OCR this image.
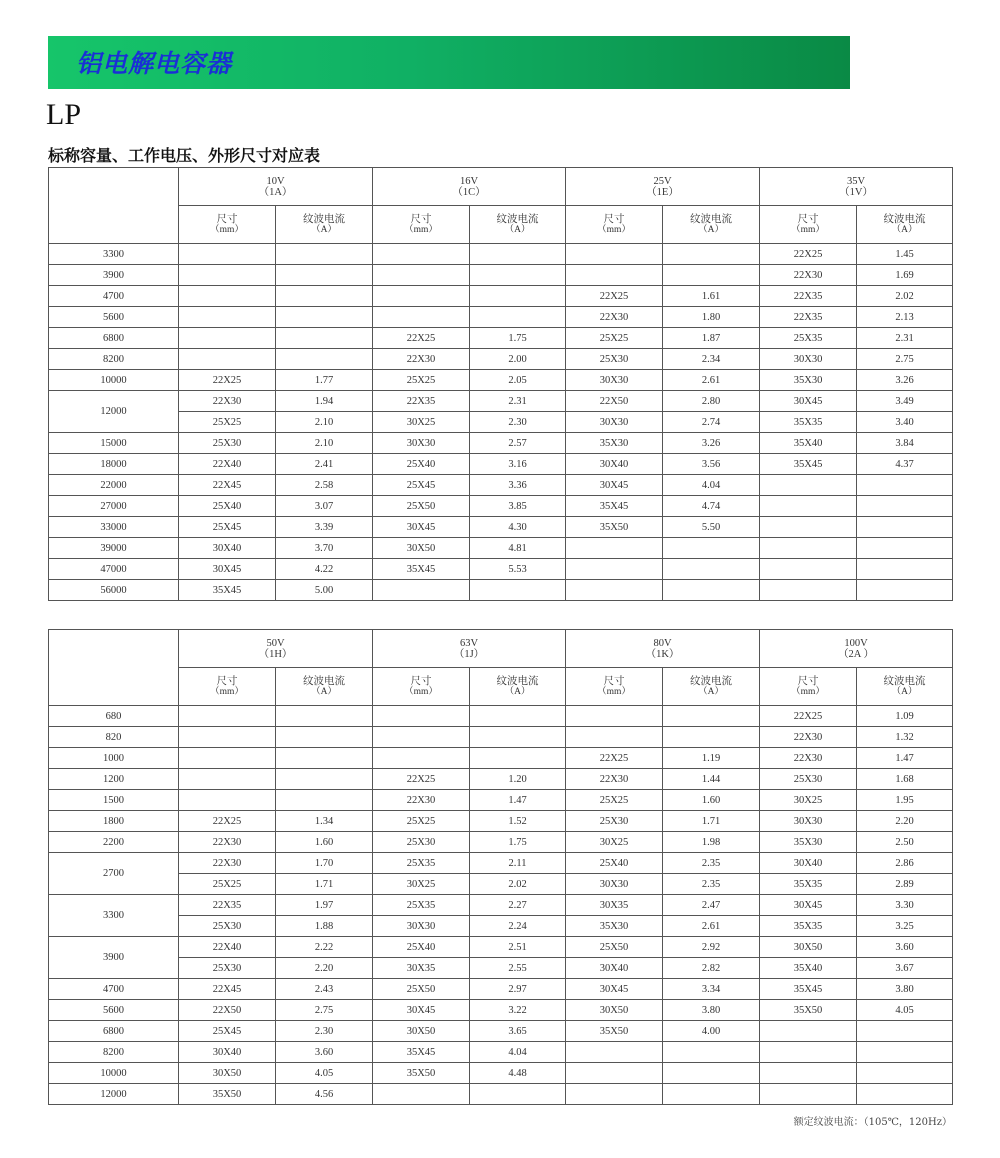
铝电解电容器
LP
标称容量、工作电压、外形尺寸对应表

	10V
（1A）		16V
（1C）		25V
（1E）		35V
（1V）	

	尺寸
（mm）	纹波电流
（A）	尺寸
（mm）	纹波电流
（A）	尺寸
（mm）	纹波电流
（A）	尺寸
（mm）	纹波电流
（A）

3300							22X25	1.45
3900							22X30	1.69
4700					22X25	1.61	22X35	2.02
5600					22X30	1.80	22X35	2.13
6800			22X25	1.75	25X25	1.87	25X35	2.31
8200			22X30	2.00	25X30	2.34	30X30	2.75
10000	22X25	1.77	25X25	2.05	30X30	2.61	35X30	3.26
12000	22X30	1.94	22X35	2.31	22X50	2.80	30X45	3.49
	25X25	2.10	30X25	2.30	30X30	2.74	35X35	3.40
15000	25X30	2.10	30X30	2.57	35X30	3.26	35X40	3.84
18000	22X40	2.41	25X40	3.16	30X40	3.56	35X45	4.37
22000	22X45	2.58	25X45	3.36	30X45	4.04		
27000	25X40	3.07	25X50	3.85	35X45	4.74		
33000	25X45	3.39	30X45	4.30	35X50	5.50		
39000	30X40	3.70	30X50	4.81				
47000	30X45	4.22	35X45	5.53				
56000	35X45	5.00						

	50V
（1H）		63V
（1J）		80V
（1K）		100V
（2A ）	

	尺寸
（mm）	纹波电流
（A）	尺寸
（mm）	纹波电流
（A）	尺寸
（mm）	纹波电流
（A）	尺寸
（mm）	纹波电流
（A）

680							22X25	1.09
820							22X30	1.32
1000					22X25	1.19	22X30	1.47
1200			22X25	1.20	22X30	1.44	25X30	1.68
1500			22X30	1.47	25X25	1.60	30X25	1.95
1800	22X25	1.34	25X25	1.52	25X30	1.71	30X30	2.20
2200	22X30	1.60	25X30	1.75	30X25	1.98	35X30	2.50
2700	22X30	1.70	25X35	2.11	25X40	2.35	30X40	2.86
	25X25	1.71	30X25	2.02	30X30	2.35	35X35	2.89
3300	22X35	1.97	25X35	2.27	30X35	2.47	30X45	3.30
	25X30	1.88	30X30	2.24	35X30	2.61	35X35	3.25
3900	22X40	2.22	25X40	2.51	25X50	2.92	30X50	3.60
	25X30	2.20	30X35	2.55	30X40	2.82	35X40	3.67
4700	22X45	2.43	25X50	2.97	30X45	3.34	35X45	3.80
5600	22X50	2.75	30X45	3.22	30X50	3.80	35X50	4.05
6800	25X45	2.30	30X50	3.65	35X50	4.00		
8200	30X40	3.60	35X45	4.04				
10000	30X50	4.05	35X50	4.48				
12000	35X50	4.56						
额定纹波电流：（105℃，120Hz）
